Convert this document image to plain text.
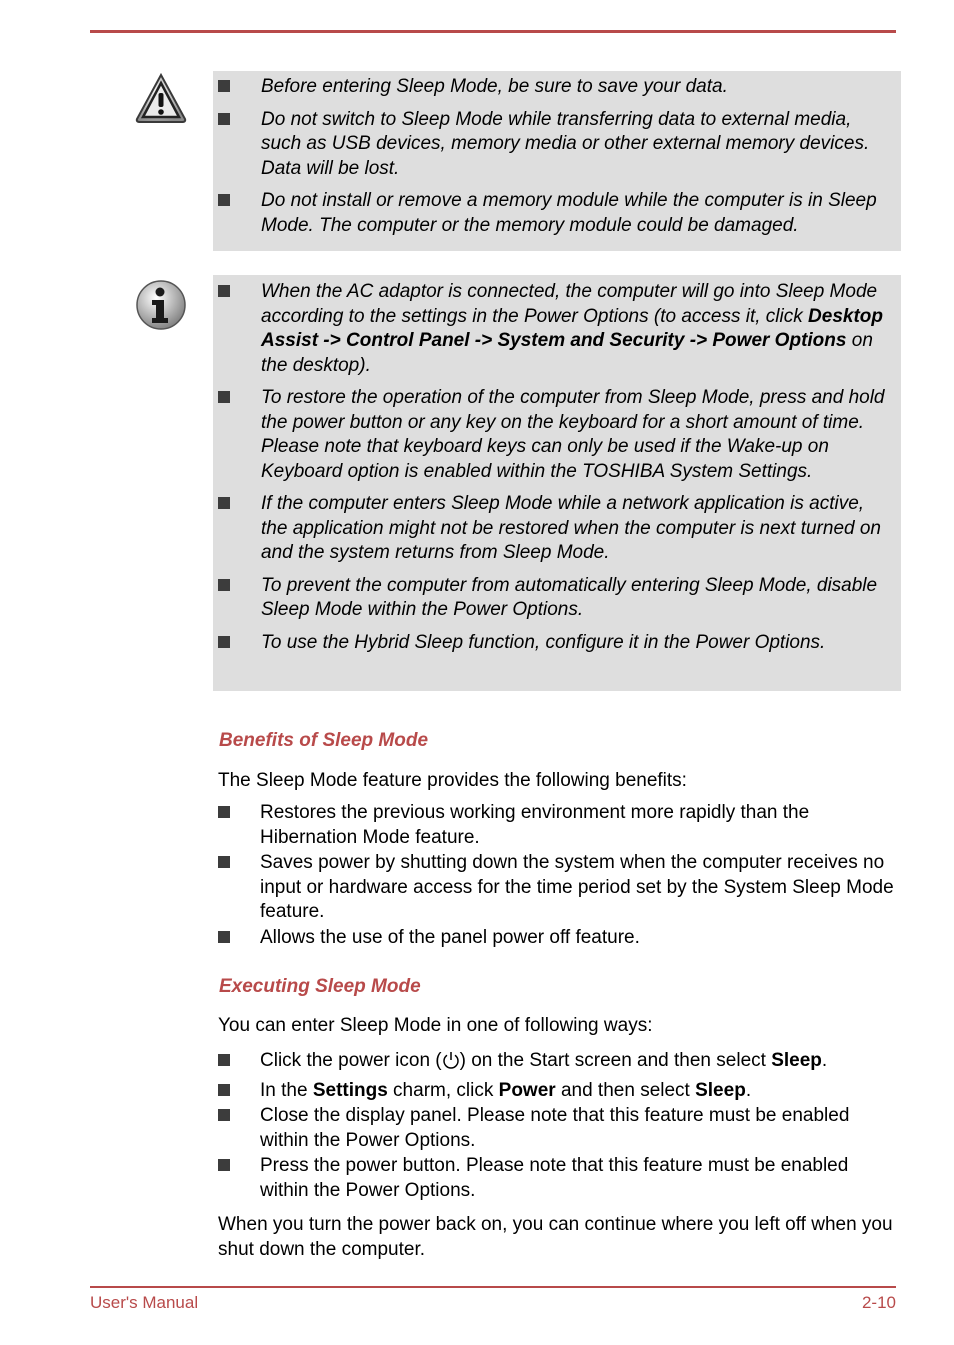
Before entering Sleep Mode, be sure to save your data.
Do not switch to Sleep Mode while transferring data to external media, such as USB devices, memory media or other external memory devices. Data will be lost.
Do not install or remove a memory module while the computer is in Sleep Mode. The computer or the memory module could be damaged.
When the AC adaptor is connected, the computer will go into Sleep Mode according to the settings in the Power Options (to access it, click Desktop Assist -> Control Panel -> System and Security -> Power Options on the desktop).
To restore the operation of the computer from Sleep Mode, press and hold the power button or any key on the keyboard for a short amount of time. Please note that keyboard keys can only be used if the Wake-up on Keyboard option is enabled within the TOSHIBA System Settings.
If the computer enters Sleep Mode while a network application is active, the application might not be restored when the computer is next turned on and the system returns from Sleep Mode.
To prevent the computer from automatically entering Sleep Mode, disable Sleep Mode within the Power Options.
To use the Hybrid Sleep function, configure it in the Power Options.
Benefits of Sleep Mode
The Sleep Mode feature provides the following benefits:
Restores the previous working environment more rapidly than the Hibernation Mode feature.
Saves power by shutting down the system when the computer receives no input or hardware access for the time period set by the System Sleep Mode feature.
Allows the use of the panel power off feature.
Executing Sleep Mode
You can enter Sleep Mode in one of following ways:
Click the power icon ( ) on the Start screen and then select Sleep.
In the Settings charm, click Power and then select Sleep.
Close the display panel. Please note that this feature must be enabled within the Power Options.
Press the power button. Please note that this feature must be enabled within the Power Options.
When you turn the power back on, you can continue where you left off when you shut down the computer.
User's Manual	2-10
